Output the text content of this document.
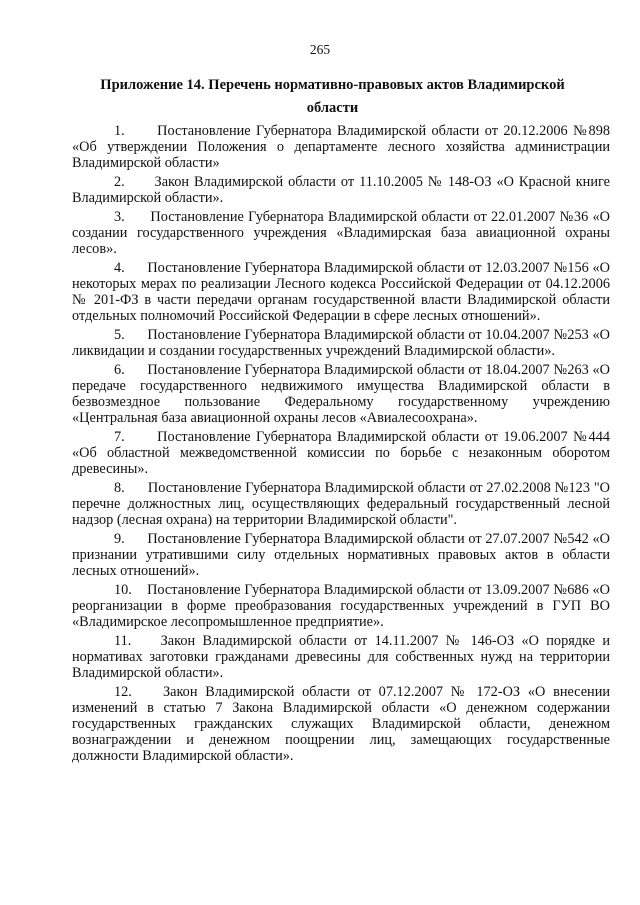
265
Приложение 14. Перечень нормативно-правовых актов Владимирской
области

1. Постановление Губернатора Владимирской области от 20.12.2006 №898 «Об утверждении Положения о департаменте лесного хозяйства администрации Владимирской области»

2. Закон Владимирской области от 11.10.2005 № 148-ОЗ «О Красной книге Владимирской области».

3. Постановление Губернатора Владимирской области от 22.01.2007 №36 «О создании государственного учреждения «Владимирская база авиационной охраны лесов».

4. Постановление Губернатора Владимирской области от 12.03.2007 №156 «О некоторых мерах по реализации Лесного кодекса Российской Федерации от 04.12.2006 № 201-ФЗ в части передачи органам государственной власти Владимирской области отдельных полномочий Российской Федерации в сфере лесных отношений».

5. Постановление Губернатора Владимирской области от 10.04.2007 №253 «О ликвидации и создании государственных учреждений Владимирской области».

6. Постановление Губернатора Владимирской области от 18.04.2007 №263 «О передаче государственного недвижимого имущества Владимирской области в безвозмездное пользование Федеральному государственному учреждению «Центральная база авиационной охраны лесов «Авиалесоохрана».

7. Постановление Губернатора Владимирской области от 19.06.2007 №444 «Об областной межведомственной комиссии по борьбе с незаконным оборотом древесины».

8. Постановление Губернатора Владимирской области от 27.02.2008 №123 "О перечне должностных лиц, осуществляющих федеральный государственный лесной надзор (лесная охрана) на территории Владимирской области".

9. Постановление Губернатора Владимирской области от 27.07.2007 №542 «О признании утратившими силу отдельных нормативных правовых актов в области лесных отношений».

10. Постановление Губернатора Владимирской области от 13.09.2007 №686 «О реорганизации в форме преобразования государственных учреждений в ГУП ВО «Владимирское лесопромышленное предприятие».

11. Закон Владимирской области от 14.11.2007 № 146-ОЗ «О порядке и нормативах заготовки гражданами древесины для собственных нужд на территории Владимирской области».

12. Закон Владимирской области от 07.12.2007 № 172-ОЗ «О внесении изменений в статью 7 Закона Владимирской области «О денежном содержании государственных гражданских служащих Владимирской области, денежном вознаграждении и денежном поощрении лиц, замещающих государственные должности Владимирской области».
